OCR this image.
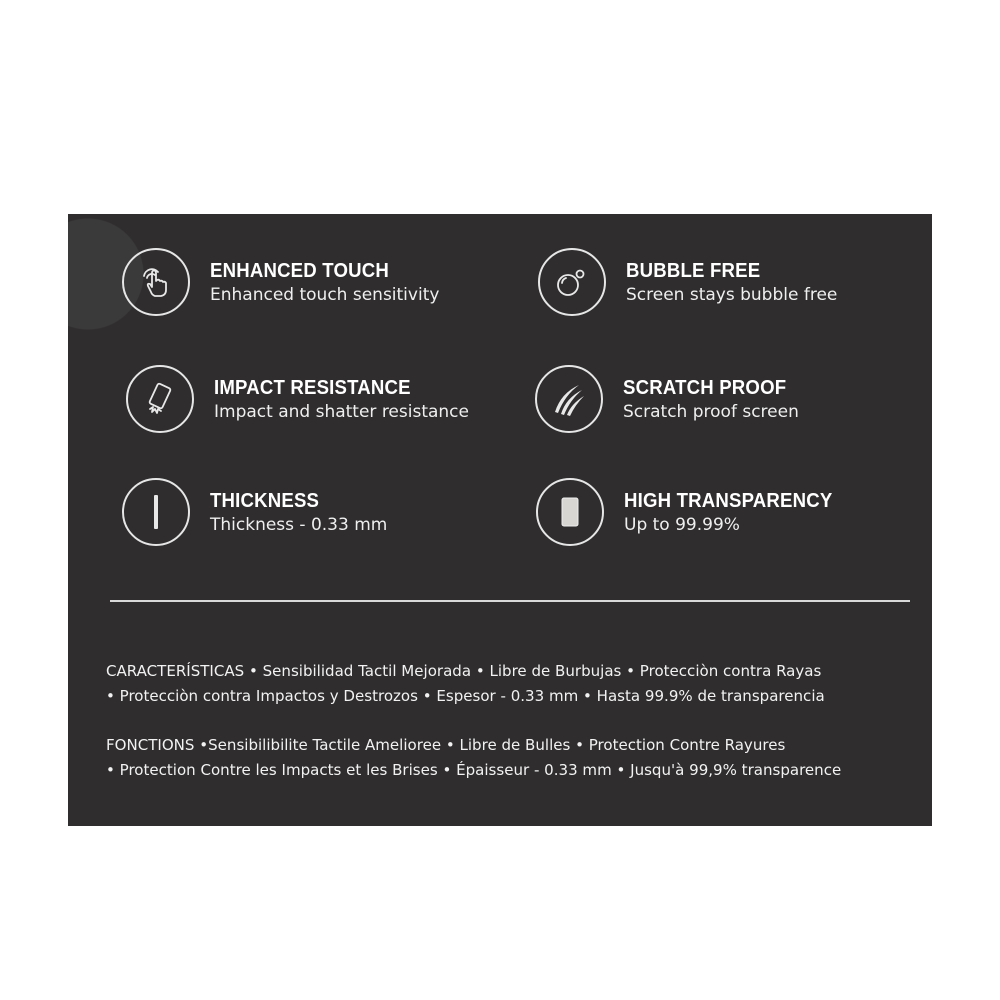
ENHANCED TOUCH
Enhanced touch sensitivity
BUBBLE FREE
Screen stays bubble free
IMPACT RESISTANCE
Impact and shatter resistance
SCRATCH PROOF
Scratch proof screen
THICKNESS
Thickness - 0.33 mm
HIGH TRANSPARENCY
Up to 99.99%
CARACTERÍSTICAS • Sensibilidad Tactil Mejorada • Libre de Burbujas • Protecciòn contra Rayas
• Protecciòn contra Impactos y Destrozos • Espesor - 0.33 mm • Hasta 99.9% de transparencia
FONCTIONS •Sensibilibilite Tactile Amelioree • Libre de Bulles • Protection Contre Rayures
• Protection Contre les Impacts et les Brises • Épaisseur - 0.33 mm • Jusqu'à 99,9% transparence
